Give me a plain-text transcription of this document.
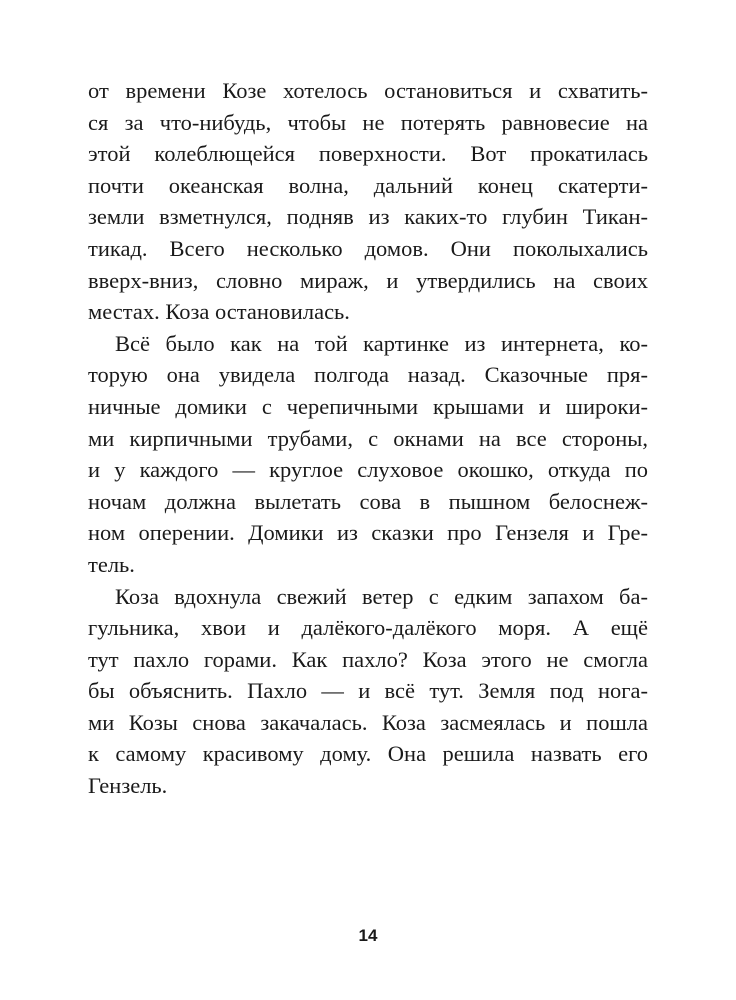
от времени Козе хотелось остановиться и схватить-
ся за что-нибудь, чтобы не потерять равновесие на
этой колеблющейся поверхности. Вот прокатилась
почти океанская волна, дальний конец скатерти-
земли взметнулся, подняв из каких-то глубин Тикан-
тикад. Всего несколько домов. Они поколыхались
вверх-вниз, словно мираж, и утвердились на своих
местах. Коза остановилась.
Всё было как на той картинке из интернета, ко-
торую она увидела полгода назад. Сказочные пря-
ничные домики с черепичными крышами и широки-
ми кирпичными трубами, с окнами на все стороны,
и у каждого — круглое слуховое окошко, откуда по
ночам должна вылетать сова в пышном белоснеж-
ном оперении. Домики из сказки про Гензеля и Гре-
тель.
Коза вдохнула свежий ветер с едким запахом ба-
гульника, хвои и далёкого-далёкого моря. А ещё
тут пахло горами. Как пахло? Коза этого не смогла
бы объяснить. Пахло — и всё тут. Земля под нога-
ми Козы снова закачалась. Коза засмеялась и пошла
к самому красивому дому. Она решила назвать его
Гензель.
14
